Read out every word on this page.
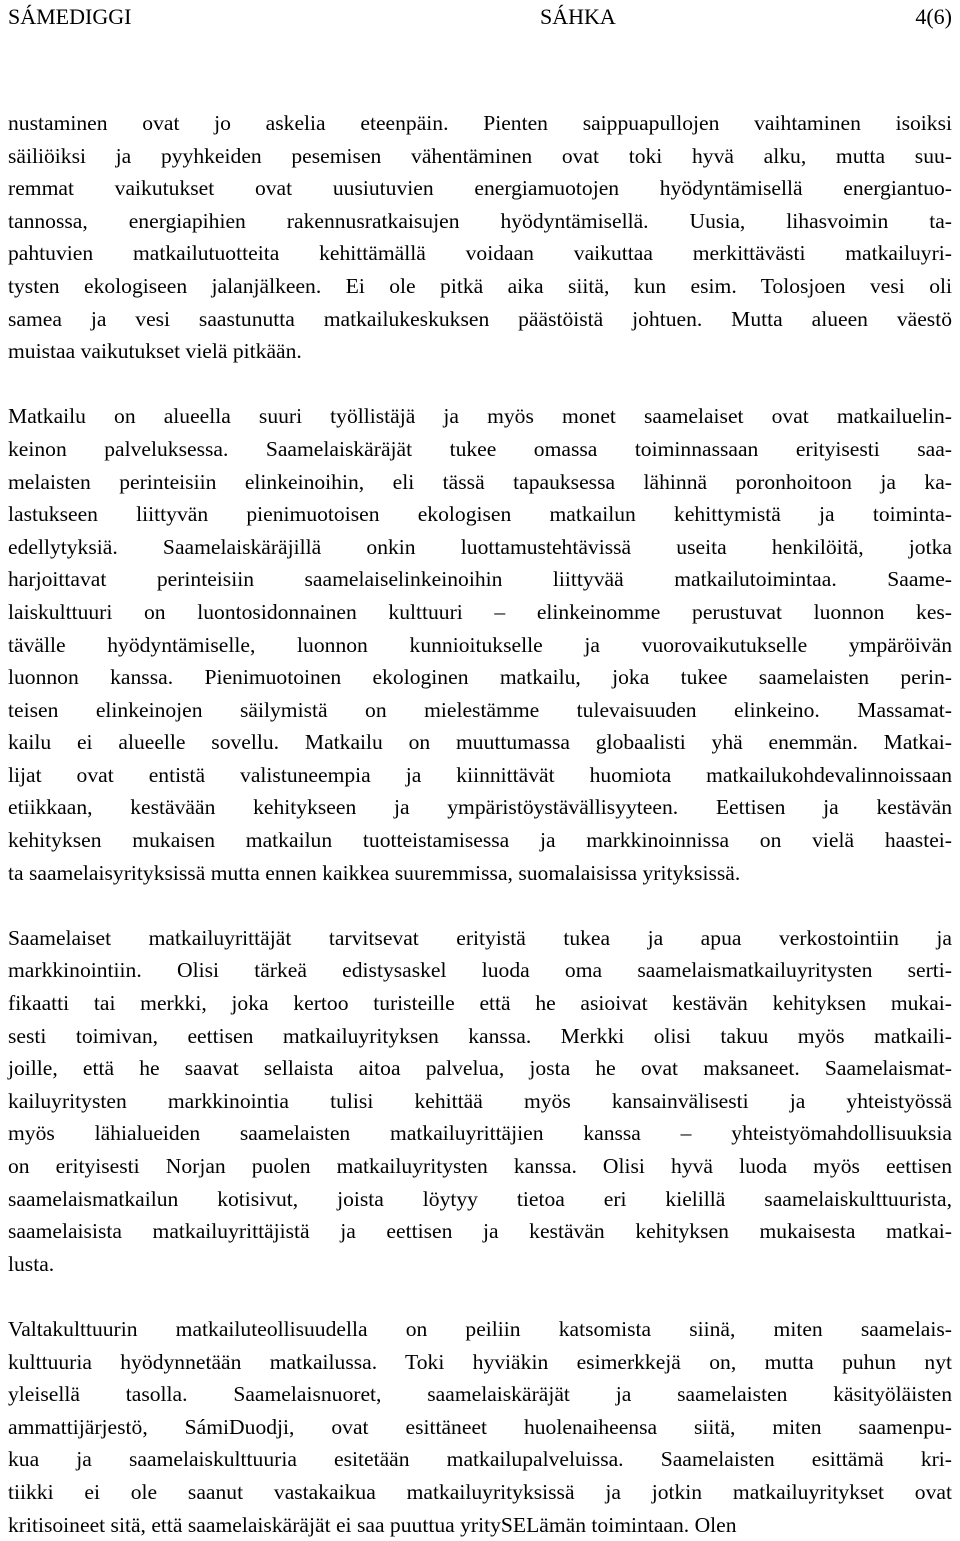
SÁMEDIGGI	SÁHKA	4(6)
nustaminen ovat jo askelia eteenpäin. Pienten saippuapullojen vaihtaminen isoiksi
säiliöiksi ja pyyhkeiden pesemisen vähentäminen ovat toki hyvä alku, mutta suu-
remmat vaikutukset ovat uusiutuvien energiamuotojen hyödyntämisellä energiantuo-
tannossa, energiapihien rakennusratkaisujen hyödyntämisellä. Uusia, lihasvoimin ta-
pahtuvien matkailutuotteita kehittämällä voidaan vaikuttaa merkittävästi matkailuyri-
tysten ekologiseen jalanjälkeen. Ei ole pitkä aika siitä, kun esim. Tolosjoen vesi oli
samea ja vesi saastunutta matkailukeskuksen päästöistä johtuen. Mutta alueen väestö
muistaa vaikutukset vielä pitkään.
Matkailu on alueella suuri työllistäjä ja myös monet saamelaiset ovat matkailuelin-
keinon palveluksessa. Saamelaiskäräjät tukee omassa toiminnassaan erityisesti saa-
melaisten perinteisiin elinkeinoihin, eli tässä tapauksessa lähinnä poronhoitoon ja ka-
lastukseen liittyvän pienimuotoisen ekologisen matkailun kehittymistä ja toiminta-
edellytyksiä. Saamelaiskäräjillä onkin luottamustehtävissä useita henkilöitä, jotka
harjoittavat perinteisiin saamelaiselinkeinoihin liittyvää matkailutoimintaa. Saame-
laiskulttuuri on luontosidonnainen kulttuuri – elinkeinomme perustuvat luonnon kes-
tävälle hyödyntämiselle, luonnon kunnioitukselle ja vuorovaikutukselle ympäröivän
luonnon kanssa. Pienimuotoinen ekologinen matkailu, joka tukee saamelaisten perin-
teisen elinkeinojen säilymistä on mielestämme tulevaisuuden elinkeino. Massamat-
kailu ei alueelle sovellu. Matkailu on muuttumassa globaalisti yhä enemmän. Matkai-
lijat ovat entistä valistuneempia ja kiinnittävät huomiota matkailukohdevalinnoissaan
etiikkaan, kestävään kehitykseen ja ympäristöystävällisyyteen. Eettisen ja kestävän
kehityksen mukaisen matkailun tuotteistamisessa ja markkinoinnissa on vielä haastei-
ta saamelaisyrityksissä mutta ennen kaikkea suuremmissa, suomalaisissa yrityksissä.
Saamelaiset matkailuyrittäjät tarvitsevat erityistä tukea ja apua verkostointiin ja
markkinointiin. Olisi tärkeä edistysaskel luoda oma saamelaismatkailuyritysten serti-
fikaatti tai merkki, joka kertoo turisteille että he asioivat kestävän kehityksen mukai-
sesti toimivan, eettisen matkailuyrityksen kanssa. Merkki olisi takuu myös matkaili-
joille, että he saavat sellaista aitoa palvelua, josta he ovat maksaneet. Saamelaismat-
kailuyritysten markkinointia tulisi kehittää myös kansainvälisesti ja yhteistyössä
myös lähialueiden saamelaisten matkailuyrittäjien kanssa – yhteistyömahdollisuuksia
on erityisesti Norjan puolen matkailuyritysten kanssa. Olisi hyvä luoda myös eettisen
saamelaismatkailun kotisivut, joista löytyy tietoa eri kielillä saamelaiskulttuurista,
saamelaisista matkailuyrittäjistä ja eettisen ja kestävän kehityksen mukaisesta matkai-
lusta.
Valtakulttuurin matkailuteollisuudella on peiliin katsomista siinä, miten saamelais-
kulttuuria hyödynnetään matkailussa. Toki hyviäkin esimerkkejä on, mutta puhun nyt
yleisellä tasolla. Saamelaisnuoret, saamelaiskäräjät ja saamelaisten käsityöläisten
ammattijärjestö, SámiDuodji, ovat esittäneet huolenaiheensa siitä, miten saamenpu-
kua ja saamelaiskulttuuria esitetään matkailupalveluissa. Saamelaisten esittämä kri-
tiikki ei ole saanut vastakaikua matkailuyrityksissä ja jotkin matkailuyritykset ovat
kritisoineet sitä, että saamelaiskäräjät ei saa puuttua yritySELämän toimintaan. Olen
